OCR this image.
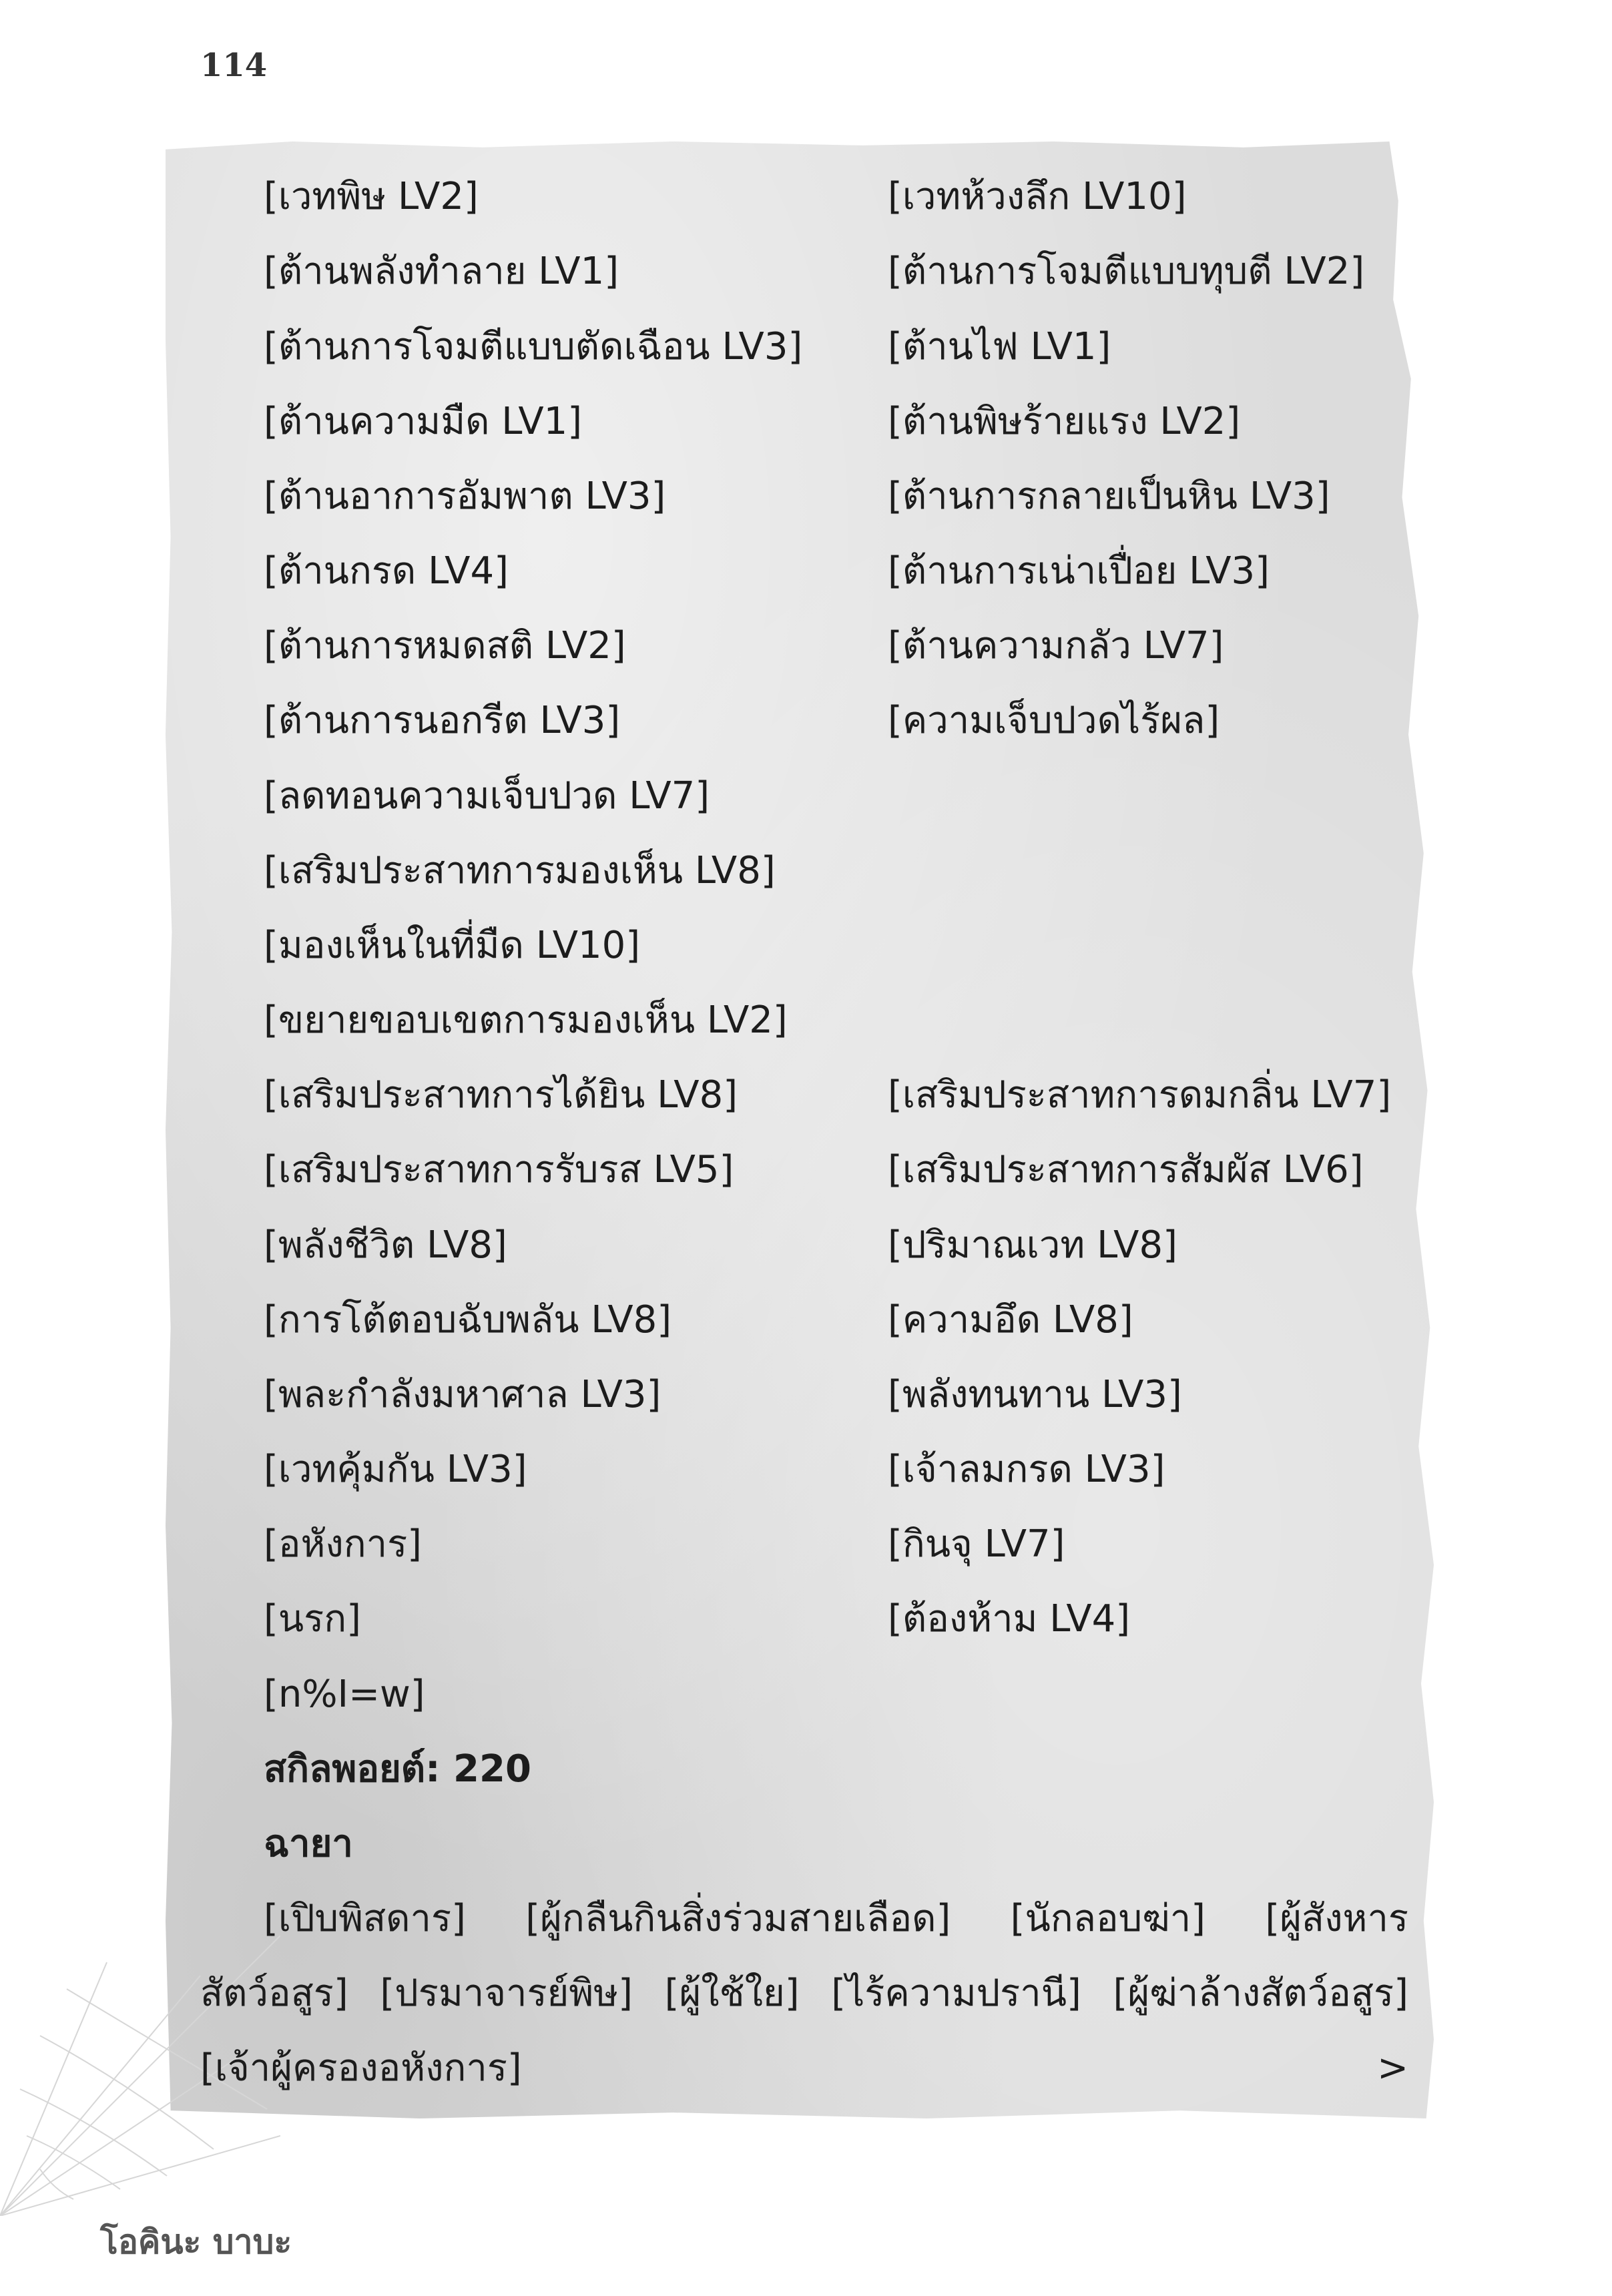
114
[เวทพิษ LV2]
[ต้านพลังทำลาย LV1]
[ต้านการโจมตีแบบตัดเฉือน LV3]
[ต้านความมืด LV1]
[ต้านอาการอัมพาต LV3]
[ต้านกรด LV4]
[ต้านการหมดสติ LV2]
[ต้านการนอกรีต LV3]
[ลดทอนความเจ็บปวด LV7]
[เสริมประสาทการมองเห็น LV8]
[มองเห็นในที่มืด LV10]
[ขยายขอบเขตการมองเห็น LV2]
[เสริมประสาทการได้ยิน LV8]
[เสริมประสาทการรับรส LV5]
[พลังชีวิต LV8]
[การโต้ตอบฉับพลัน LV8]
[พละกำลังมหาศาล LV3]
[เวทคุ้มกัน LV3]
[อหังการ]
[นรก]
[n%I=w]
[เวทห้วงลึก LV10]
[ต้านการโจมตีแบบทุบตี LV2]
[ต้านไฟ LV1]
[ต้านพิษร้ายแรง LV2]
[ต้านการกลายเป็นหิน LV3]
[ต้านการเน่าเปื่อย LV3]
[ต้านความกลัว LV7]
[ความเจ็บปวดไร้ผล]
[เสริมประสาทการดมกลิ่น LV7]
[เสริมประสาทการสัมผัส LV6]
[ปริมาณเวท LV8]
[ความอึด LV8]
[พลังทนทาน LV3]
[เจ้าลมกรด LV3]
[กินจุ LV7]
[ต้องห้าม LV4]
สกิลพอยต์: 220
ฉายา
[เปิบพิสดาร] [ผู้กลืนกินสิ่งร่วมสายเลือด] [นักลอบฆ่า] [ผู้สังหาร
สัตว์อสูร] [ปรมาจารย์พิษ] [ผู้ใช้ใย] [ไร้ความปรานี] [ผู้ฆ่าล้างสัตว์อสูร]
[เจ้าผู้ครองอหังการ]	>
โอคินะ บาบะ
